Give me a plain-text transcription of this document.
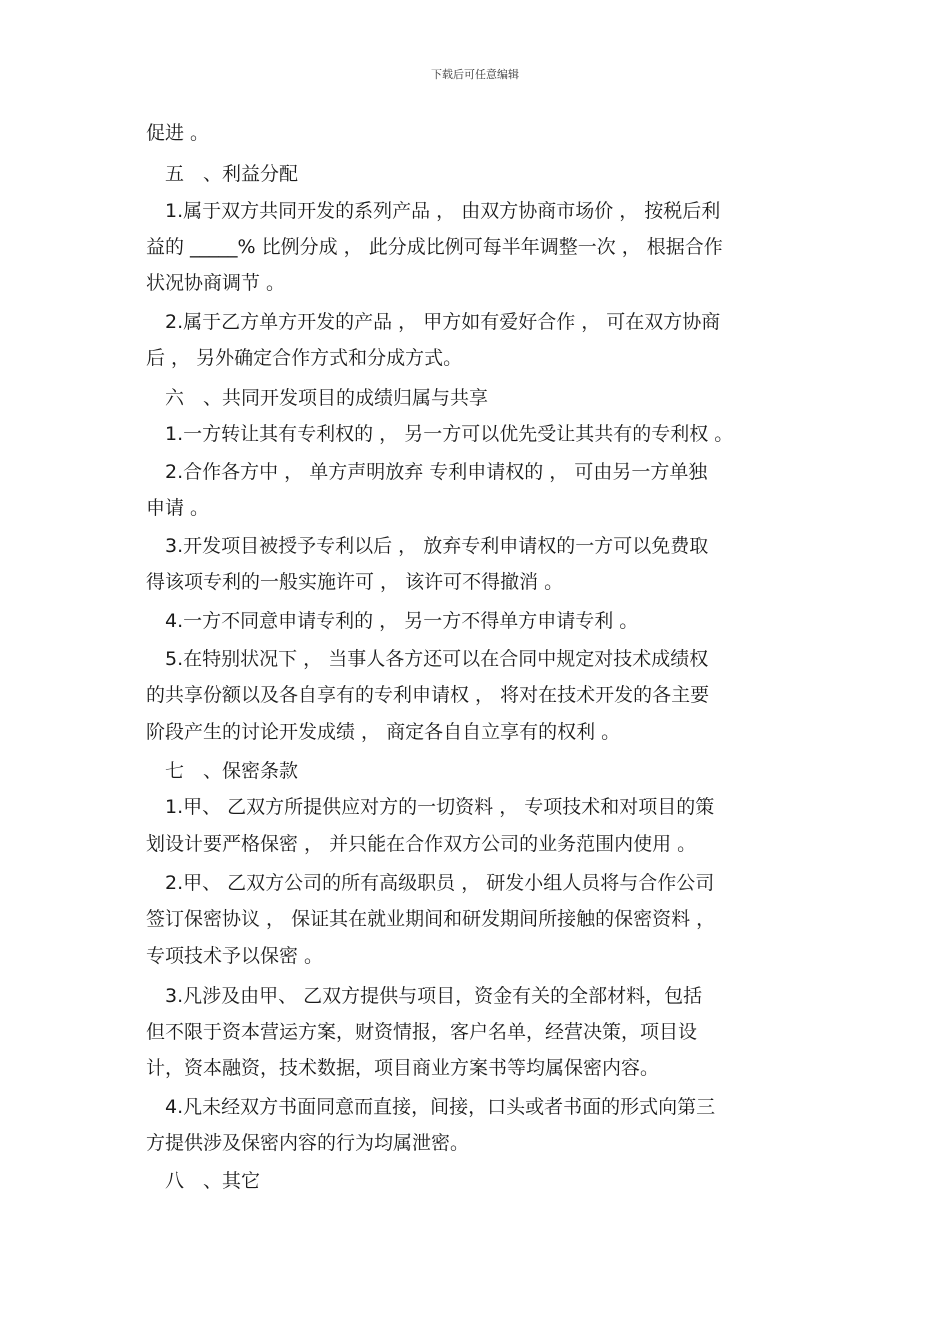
下载后可任意编辑
促进 。
　五　、利益分配
　1.属于双方共同开发的系列产品 ， 由双方协商市场价 ， 按税后利
益的 _____% 比例分成 ， 此分成比例可每半年调整一次 ， 根据合作
状况协商调节 。
　2.属于乙方单方开发的产品 ， 甲方如有爱好合作 ， 可在双方协商
后 ， 另外确定合作方式和分成方式。
　六　、共同开发项目的成绩归属与共享
　1.一方转让其有专利权的 ， 另一方可以优先受让其共有的专利权 。
　2.合作各方中 ， 单方声明放弃 专利申请权的 ， 可由另一方单独
申请 。
　3.开发项目被授予专利以后 ， 放弃专利申请权的一方可以免费取
得该项专利的一般实施许可 ， 该许可不得撤消 。
　4.一方不同意申请专利的 ， 另一方不得单方申请专利 。
　5.在特别状况下 ， 当事人各方还可以在合同中规定对技术成绩权
的共享份额以及各自享有的专利申请权 ， 将对在技术开发的各主要
阶段产生的讨论开发成绩 ， 商定各自自立享有的权利 。
　七　、保密条款
　1.甲、 乙双方所提供应对方的一切资料 ， 专项技术和对项目的策
划设计要严格保密 ， 并只能在合作双方公司的业务范围内使用 。
　2.甲、 乙双方公司的所有高级职员 ， 研发小组人员将与合作公司
签订保密协议 ， 保证其在就业期间和研发期间所接触的保密资料 ，
专项技术予以保密 。
　3.凡涉及由甲、 乙双方提供与项目，资金有关的全部材料，包括
但不限于资本营运方案，财资情报，客户名单，经营决策，项目设
计，资本融资，技术数据，项目商业方案书等均属保密内容。
　4.凡未经双方书面同意而直接，间接，口头或者书面的形式向第三
方提供涉及保密内容的行为均属泄密。
　八　、其它
